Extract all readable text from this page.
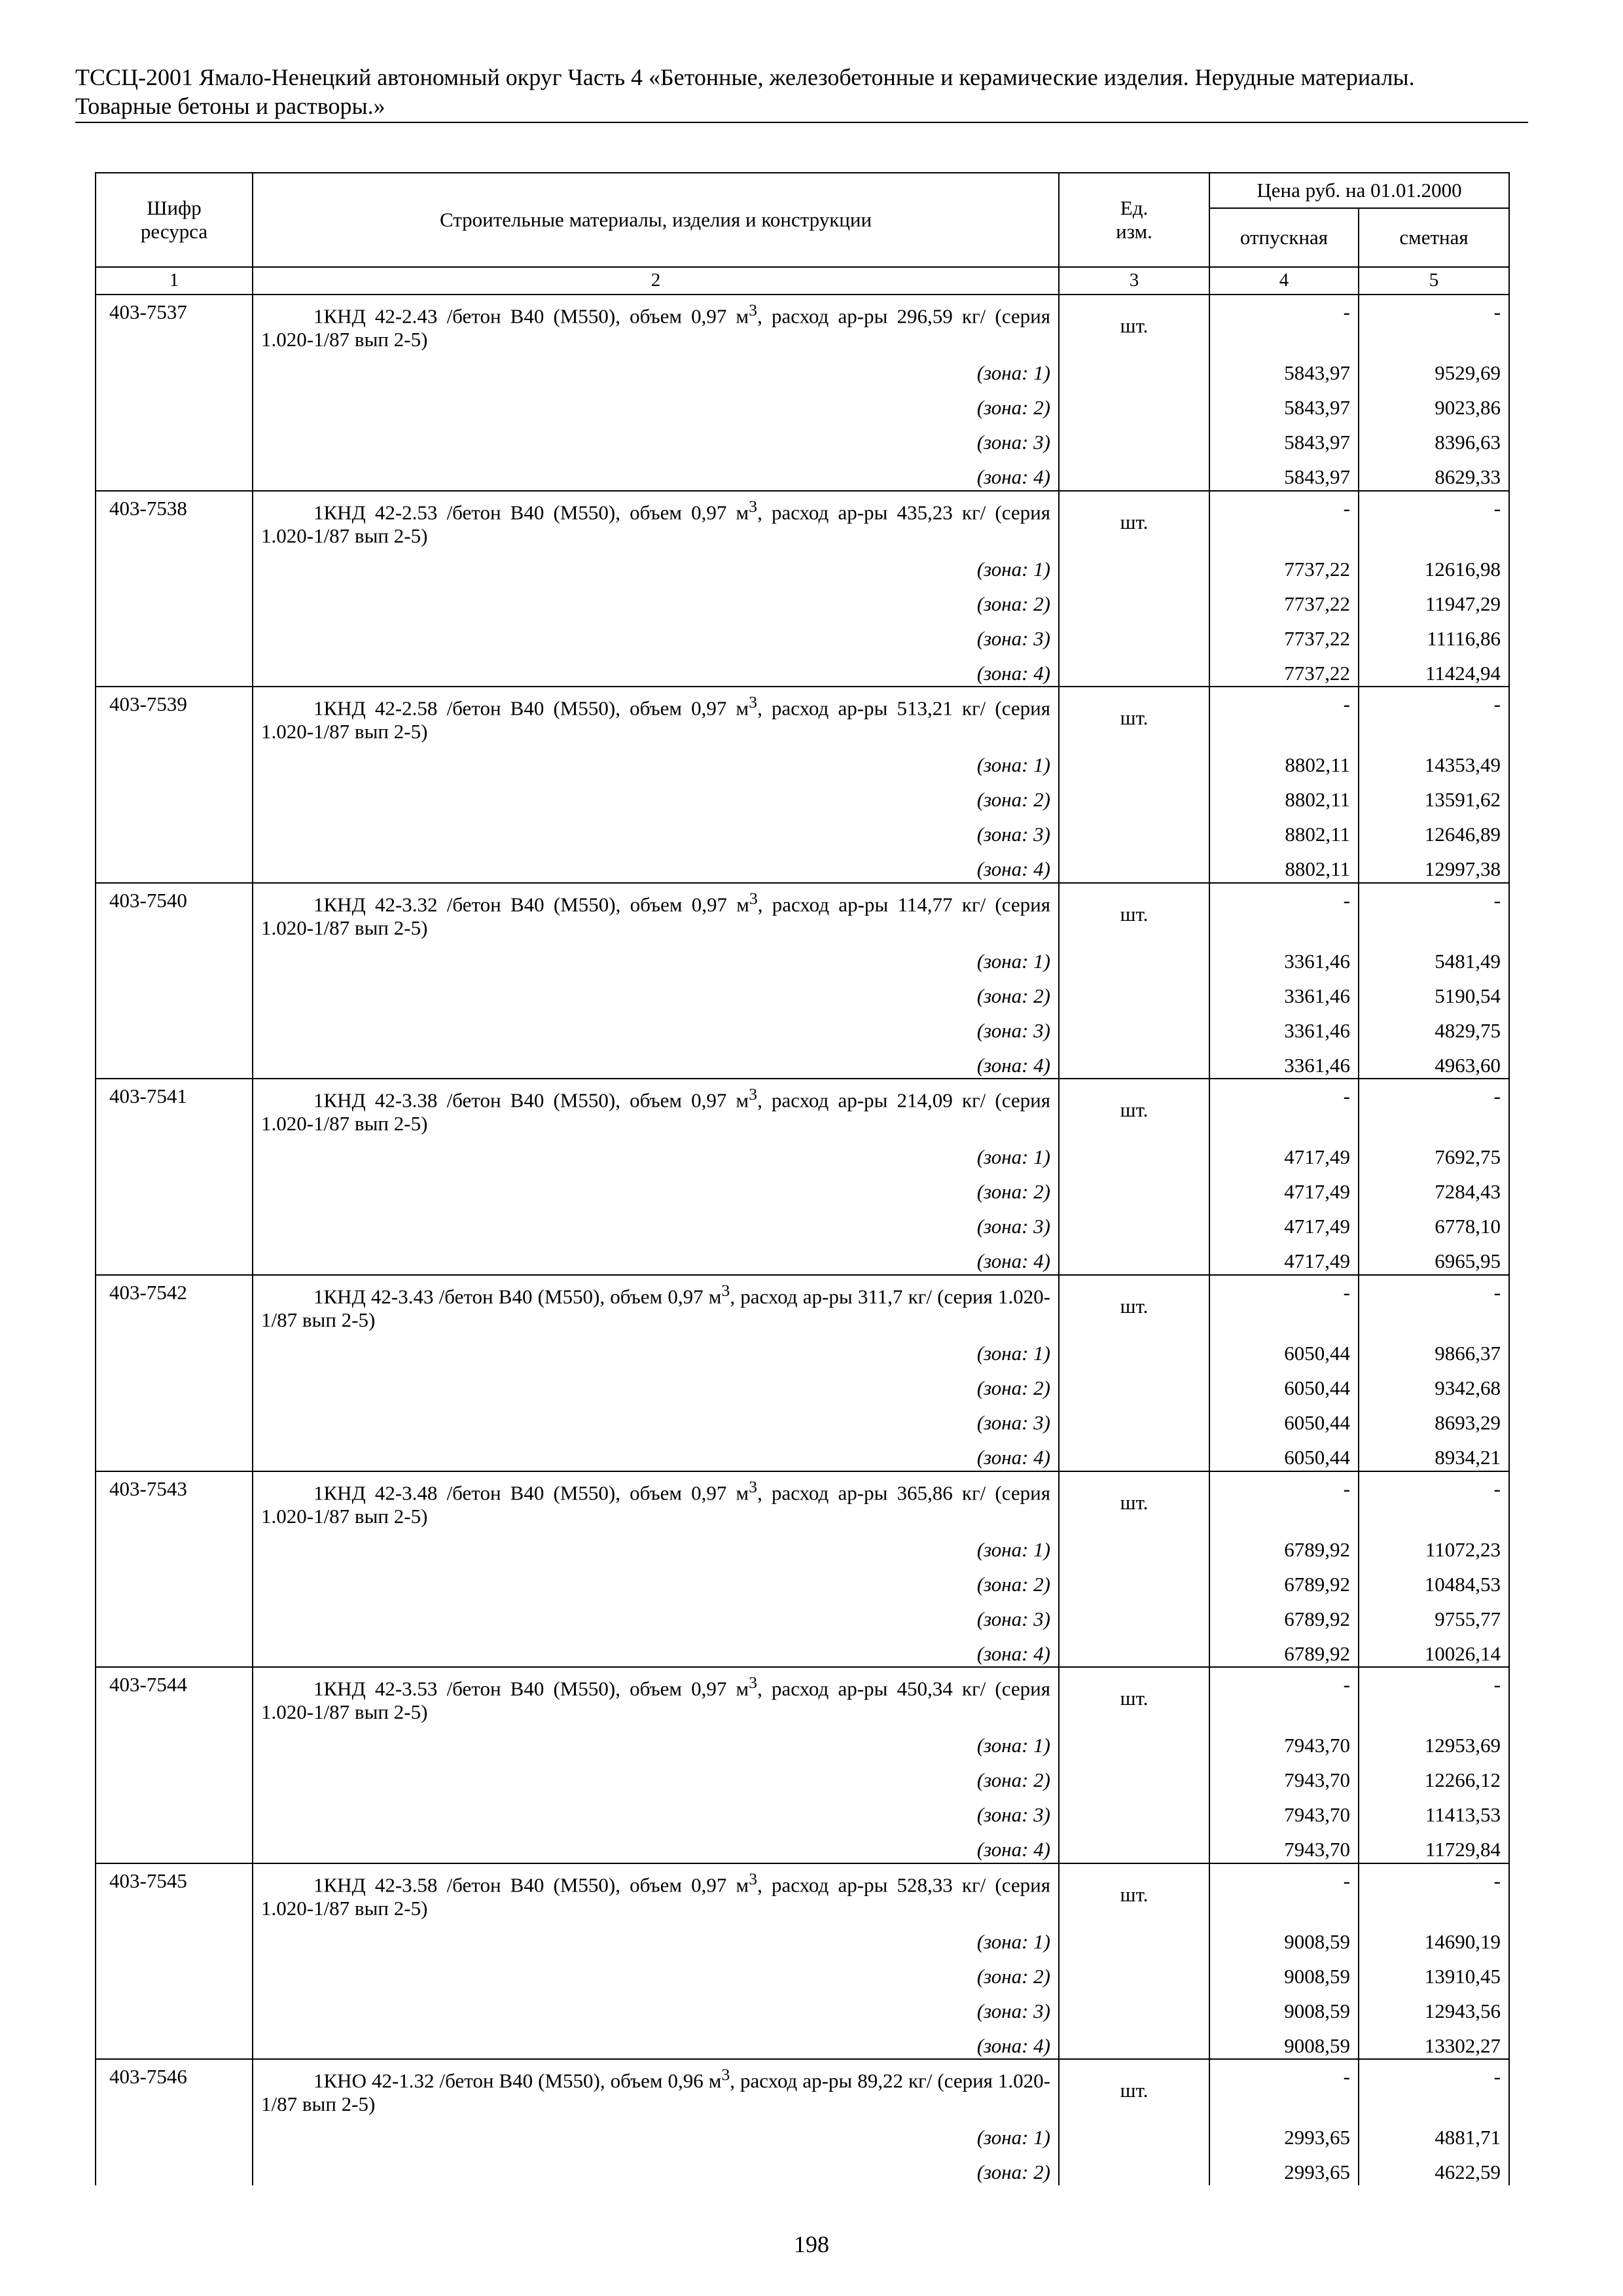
ТССЦ-2001 Ямало-Ненецкий автономный округ Часть 4 «Бетонные, железобетонные и керамические изделия. Нерудные материалы.
Товарные бетоны и растворы.»
Шифр ресурса	Строительные материалы, изделия и конструкции	Ед. изм.	Цена руб. на 01.01.2000	
			отпускная	сметная
1	2	3	4	5
403-7537	1КНД 42-2.43 /бетон В40 (М550), объем 0,97 $м^3$, расход ар-ры 296,59 кг/ (серия 1.020-1/87 вып 2-5)	шт.	-	-
	(зона: 1)		5843,97	9529,69
	(зона: 2)		5843,97	9023,86
	(зона: 3)		5843,97	8396,63
	(зона: 4)		5843,97	8629,33
403-7538	1КНД 42-2.53 /бетон В40 (М550), объем 0,97 $м^3$, расход ар-ры 435,23 кг/ (серия 1.020-1/87 вып 2-5)	шт.	-	-
	(зона: 1)		7737,22	12616,98
	(зона: 2)		7737,22	11947,29
	(зона: 3)		7737,22	11116,86
	(зона: 4)		7737,22	11424,94
403-7539	1КНД 42-2.58 /бетон В40 (М550), объем 0,97 $м^3$, расход ар-ры 513,21 кг/ (серия 1.020-1/87 вып 2-5)	шт.	-	-
	(зона: 1)		8802,11	14353,49
	(зона: 2)		8802,11	13591,62
	(зона: 3)		8802,11	12646,89
	(зона: 4)		8802,11	12997,38
403-7540	1КНД 42-3.32 /бетон В40 (М550), объем 0,97 $м^3$, расход ар-ры 114,77 кг/ (серия 1.020-1/87 вып 2-5)	шт.	-	-
	(зона: 1)		3361,46	5481,49
	(зона: 2)		3361,46	5190,54
	(зона: 3)		3361,46	4829,75
	(зона: 4)		3361,46	4963,60
403-7541	1КНД 42-3.38 /бетон В40 (М550), объем 0,97 $м^3$, расход ар-ры 214,09 кг/ (серия 1.020-1/87 вып 2-5)	шт.	-	-
	(зона: 1)		4717,49	7692,75
	(зона: 2)		4717,49	7284,43
	(зона: 3)		4717,49	6778,10
	(зона: 4)		4717,49	6965,95
403-7542	1КНД 42-3.43 /бетон В40 (М550), объем 0,97 $м^3$, расход ар-ры 311,7 кг/ (серия 1.020-1/87 вып 2-5)	шт.	-	-
	(зона: 1)		6050,44	9866,37
	(зона: 2)		6050,44	9342,68
	(зона: 3)		6050,44	8693,29
	(зона: 4)		6050,44	8934,21
403-7543	1КНД 42-3.48 /бетон В40 (М550), объем 0,97 $м^3$, расход ар-ры 365,86 кг/ (серия 1.020-1/87 вып 2-5)	шт.	-	-
	(зона: 1)		6789,92	11072,23
	(зона: 2)		6789,92	10484,53
	(зона: 3)		6789,92	9755,77
	(зона: 4)		6789,92	10026,14
403-7544	1КНД 42-3.53 /бетон В40 (М550), объем 0,97 $м^3$, расход ар-ры 450,34 кг/ (серия 1.020-1/87 вып 2-5)	шт.	-	-
	(зона: 1)		7943,70	12953,69
	(зона: 2)		7943,70	12266,12
	(зона: 3)		7943,70	11413,53
	(зона: 4)		7943,70	11729,84
403-7545	1КНД 42-3.58 /бетон В40 (М550), объем 0,97 $м^3$, расход ар-ры 528,33 кг/ (серия 1.020-1/87 вып 2-5)	шт.	-	-
	(зона: 1)		9008,59	14690,19
	(зона: 2)		9008,59	13910,45
	(зона: 3)		9008,59	12943,56
	(зона: 4)		9008,59	13302,27
403-7546	1КНО 42-1.32 /бетон В40 (М550), объем 0,96 $м^3$, расход ар-ры 89,22 кг/ (серия 1.020-1/87 вып 2-5)	шт.	-	-
	(зона: 1)		2993,65	4881,71
	(зона: 2)		2993,65	4622,59
198
